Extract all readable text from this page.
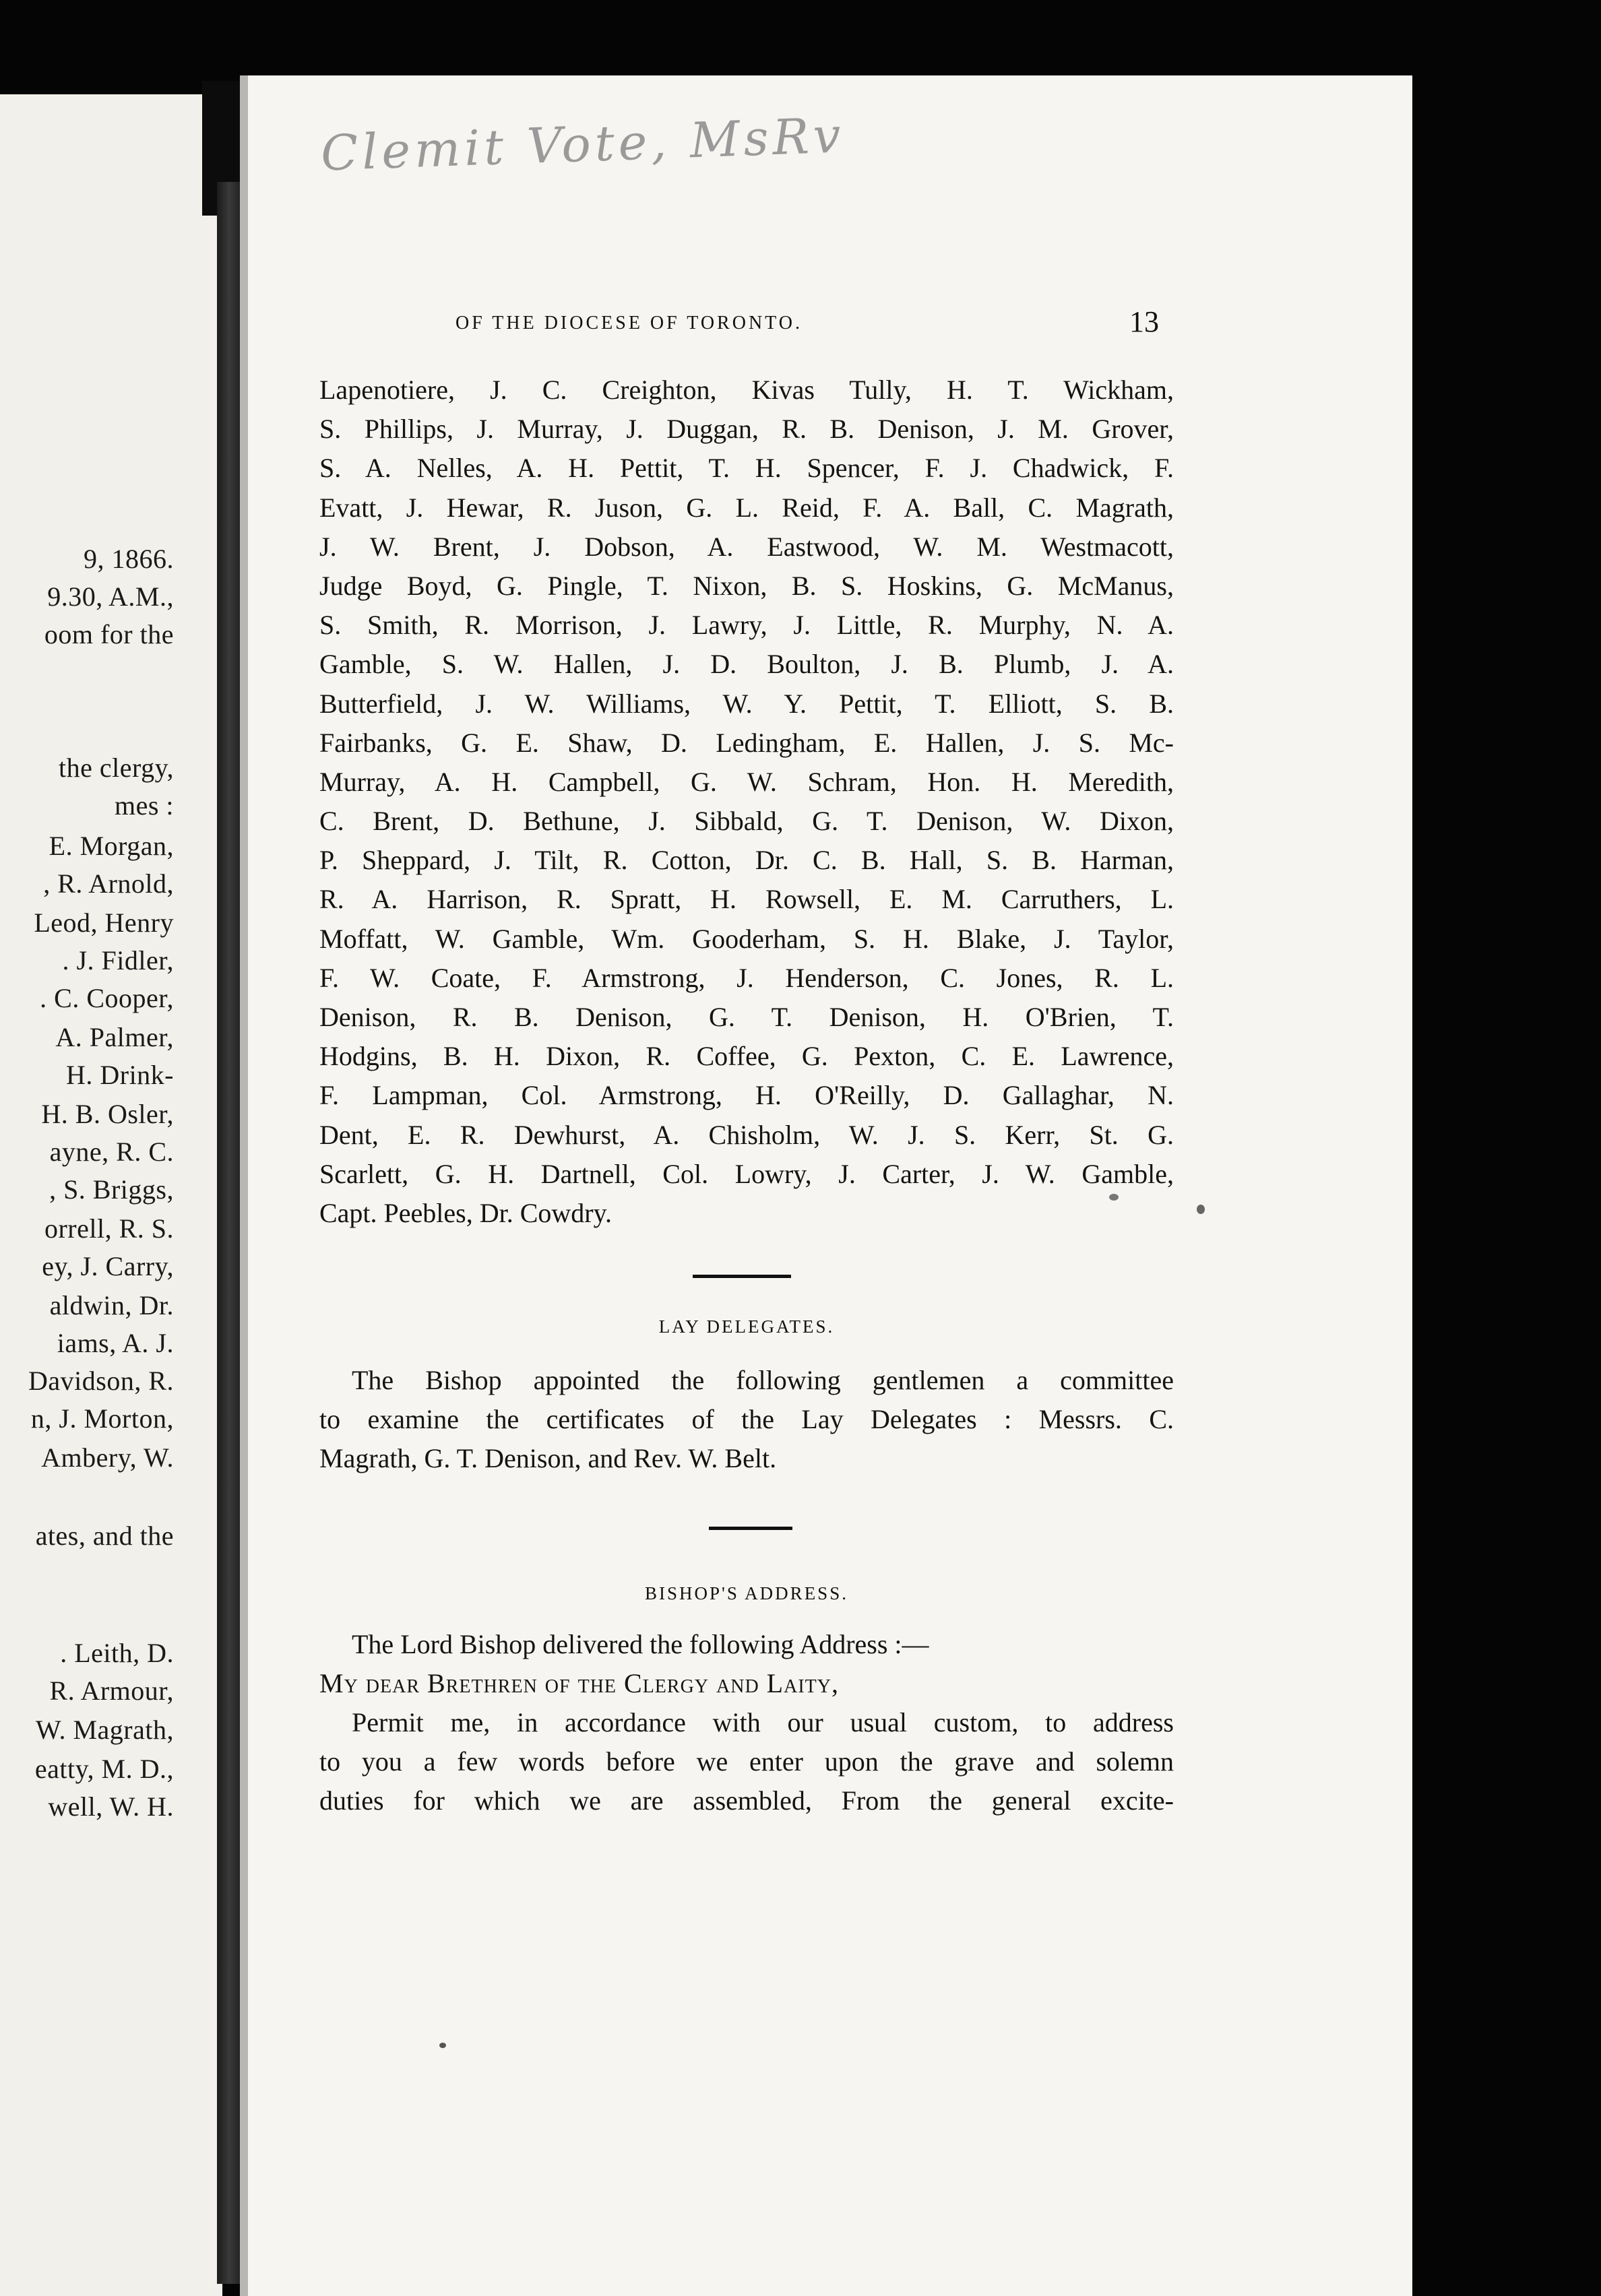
9, 1866.
9.30, A.M.,
oom for the
the clergy,
mes :
E. Morgan,
, R. Arnold,
Leod, Henry
. J. Fidler,
. C. Cooper,
A. Palmer,
H. Drink-
H. B. Osler,
ayne, R. C.
, S. Briggs,
orrell, R. S.
ey, J. Carry,
aldwin, Dr.
iams, A. J.
Davidson, R.
n, J. Morton,
Ambery, W.
ates, and the
. Leith, D.
R. Armour,
W. Magrath,
eatty, M. D.,
well, W. H.
Clemit Vote, MsRv
OF THE DIOCESE OF TORONTO.	13
Lapenotiere, J. C. Creighton, Kivas Tully, H. T. Wickham,
S. Phillips, J. Murray, J. Duggan, R. B. Denison, J. M. Grover,
S. A. Nelles, A. H. Pettit, T. H. Spencer, F. J. Chadwick, F.
Evatt, J. Hewar, R. Juson, G. L. Reid, F. A. Ball, C. Magrath,
J. W. Brent, J. Dobson, A. Eastwood, W. M. Westmacott,
Judge Boyd, G. Pingle, T. Nixon, B. S. Hoskins, G. McManus,
S. Smith, R. Morrison, J. Lawry, J. Little, R. Murphy, N. A.
Gamble, S. W. Hallen, J. D. Boulton, J. B. Plumb, J. A.
Butterfield, J. W. Williams, W. Y. Pettit, T. Elliott, S. B.
Fairbanks, G. E. Shaw, D. Ledingham, E. Hallen, J. S. Mc-
Murray, A. H. Campbell, G. W. Schram, Hon. H. Meredith,
C. Brent, D. Bethune, J. Sibbald, G. T. Denison, W. Dixon,
P. Sheppard, J. Tilt, R. Cotton, Dr. C. B. Hall, S. B. Harman,
R. A. Harrison, R. Spratt, H. Rowsell, E. M. Carruthers, L.
Moffatt, W. Gamble, Wm. Gooderham, S. H. Blake, J. Taylor,
F. W. Coate, F. Armstrong, J. Henderson, C. Jones, R. L.
Denison, R. B. Denison, G. T. Denison, H. O'Brien, T.
Hodgins, B. H. Dixon, R. Coffee, G. Pexton, C. E. Lawrence,
F. Lampman, Col. Armstrong, H. O'Reilly, D. Gallaghar, N.
Dent, E. R. Dewhurst, A. Chisholm, W. J. S. Kerr, St. G.
Scarlett, G. H. Dartnell, Col. Lowry, J. Carter, J. W. Gamble,
Capt. Peebles, Dr. Cowdry.
LAY DELEGATES.
The Bishop appointed the following gentlemen a committee
to examine the certificates of the Lay Delegates : Messrs. C.
Magrath, G. T. Denison, and Rev. W. Belt.
BISHOP'S ADDRESS.
The Lord Bishop delivered the following Address :—
My dear Brethren of the Clergy and Laity,
Permit me, in accordance with our usual custom, to address
to you a few words before we enter upon the grave and solemn
duties for which we are assembled, From the general excite-
